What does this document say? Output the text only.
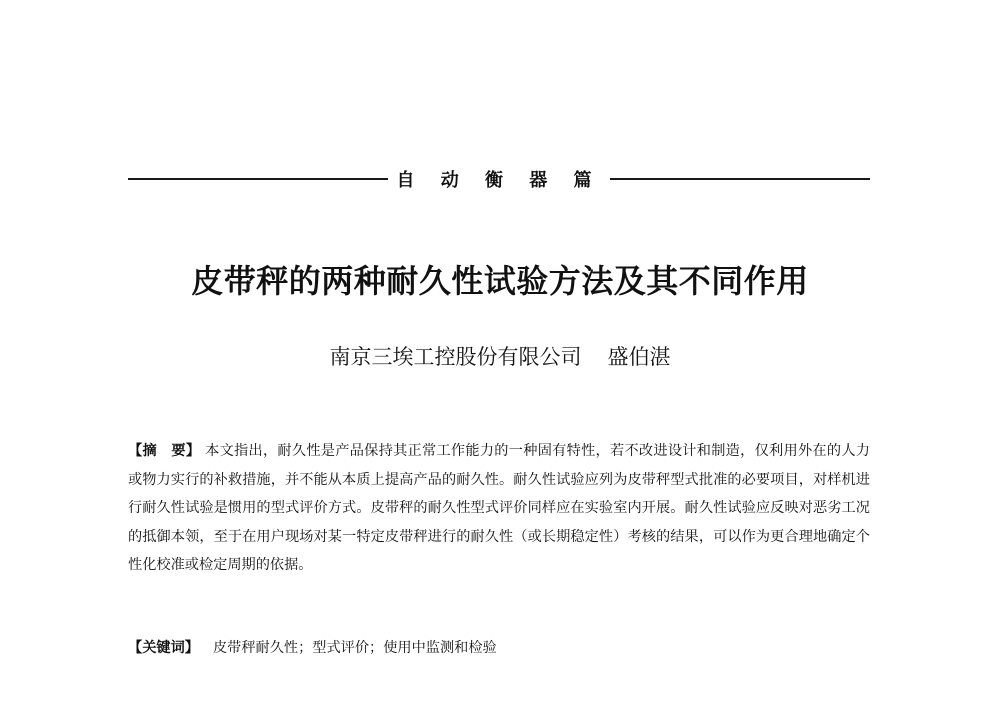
自 动 衡 器 篇
皮带秤的两种耐久性试验方法及其不同作用
南京三埃工控股份有限公司 盛伯湛
【摘　要】 本文指出，耐久性是产品保持其正常工作能力的一种固有特性，若不改进设计和制造，仅利用外在的人力或物力实行的补救措施，并不能从本质上提高产品的耐久性。耐久性试验应列为皮带秤型式批准的必要项目，对样机进行耐久性试验是惯用的型式评价方式。皮带秤的耐久性型式评价同样应在实验室内开展。耐久性试验应反映对恶劣工况的抵御本领，至于在用户现场对某一特定皮带秤进行的耐久性（或长期稳定性）考核的结果，可以作为更合理地确定个性化校准或检定周期的依据。
【关键词】 皮带秤耐久性；型式评价；使用中监测和检验
